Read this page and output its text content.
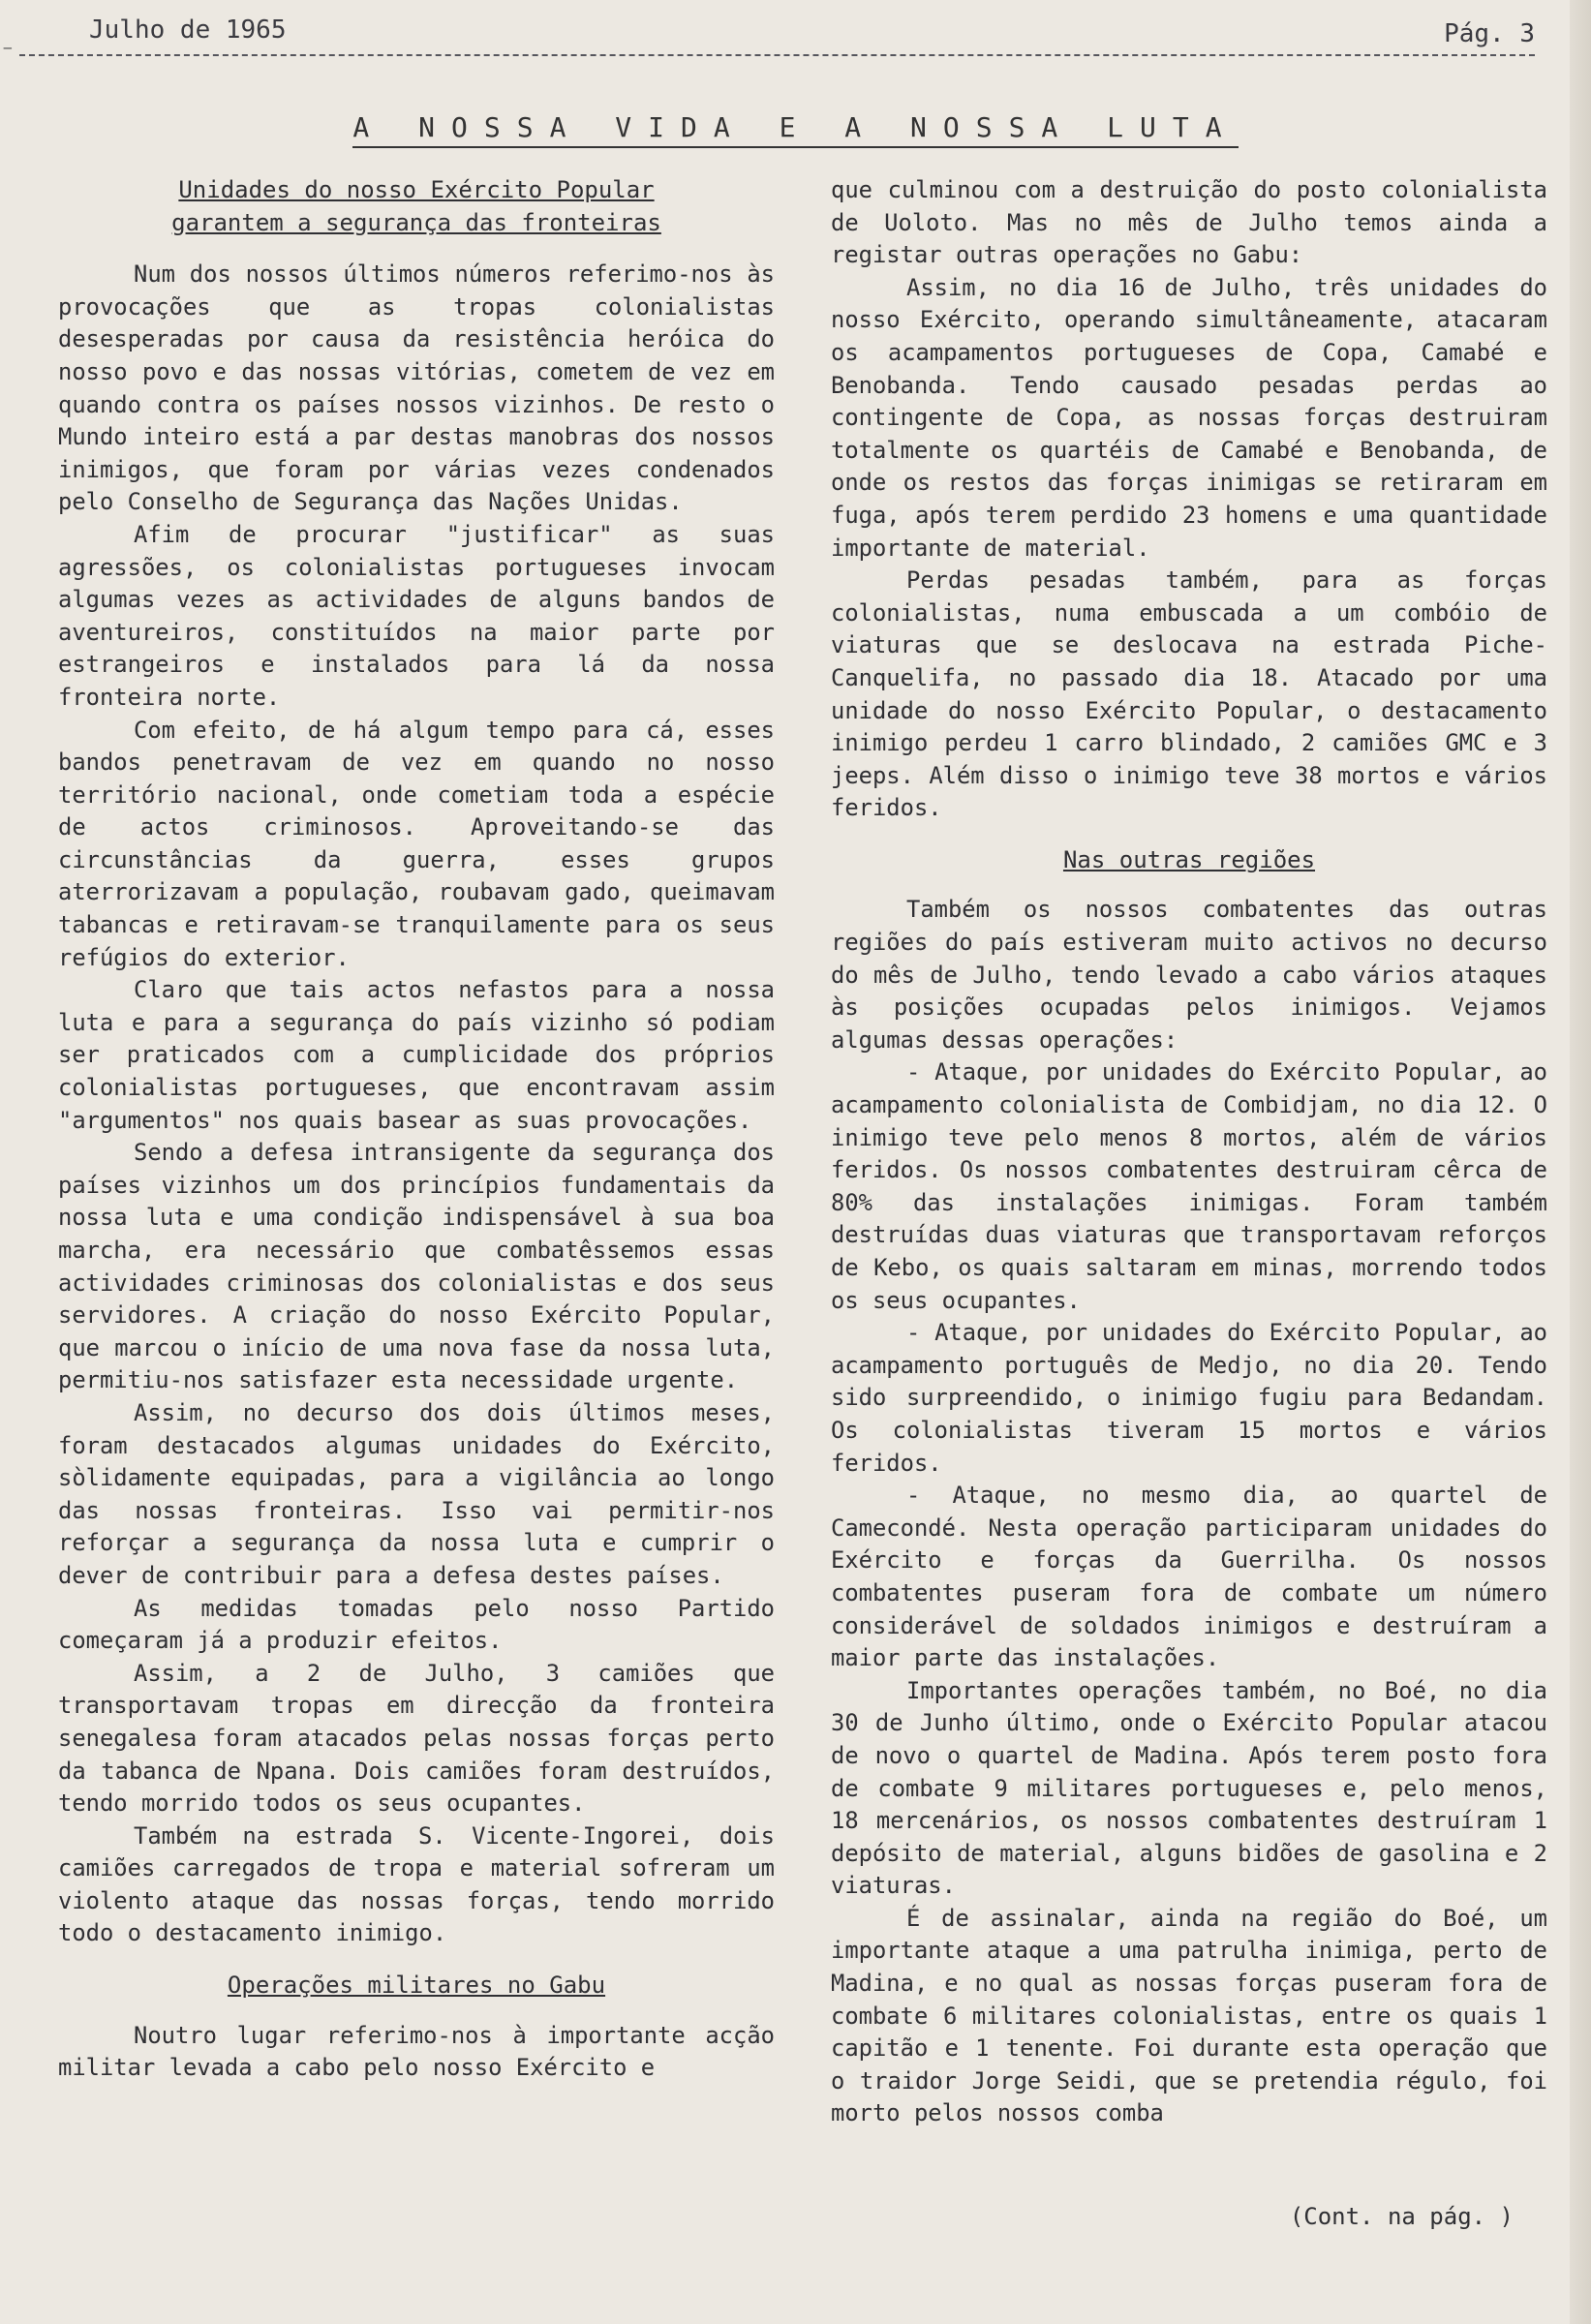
⁻
Julho de 1965	Pág. 3
A NOSSA VIDA E A NOSSA LUTA
Unidades do nosso Exército Popular
garantem a segurança das fronteiras

Num dos nossos últimos números referimo-nos às provocações que as tropas colonialistas desesperadas por causa da resistência heróica do nosso povo e das nossas vitórias, cometem de vez em quando contra os países nossos vizinhos. De resto o Mundo inteiro está a par destas manobras dos nossos inimigos, que foram por várias vezes condenados pelo Conselho de Segurança das Nações Unidas.

Afim de procurar "justificar" as suas agressões, os colonialistas portugueses invocam algumas vezes as actividades de alguns bandos de aventureiros, constituídos na maior parte por estrangeiros e instalados para lá da nossa fronteira norte.

Com efeito, de há algum tempo para cá, esses bandos penetravam de vez em quando no nosso território nacional, onde cometiam toda a espécie de actos criminosos. Aproveitando-se das circunstâncias da guerra, esses grupos aterrorizavam a população, roubavam gado, queimavam tabancas e retiravam-se tranquilamente para os seus refúgios do exterior.

Claro que tais actos nefastos para a nossa luta e para a segurança do país vizinho só podiam ser praticados com a cumplicidade dos próprios colonialistas portugueses, que encontravam assim "argumentos" nos quais basear as suas provocações.

Sendo a defesa intransigente da segurança dos países vizinhos um dos princípios fundamentais da nossa luta e uma condição indispensável à sua boa marcha, era necessário que combatêssemos essas actividades criminosas dos colonialistas e dos seus servidores. A criação do nosso Exército Popular, que marcou o início de uma nova fase da nossa luta, permitiu-nos satisfazer esta necessidade urgente.

Assim, no decurso dos dois últimos meses, foram destacados algumas unidades do Exército, sòlidamente equipadas, para a vigilância ao longo das nossas fronteiras. Isso vai permitir-nos reforçar a segurança da nossa luta e cumprir o dever de contribuir para a defesa destes países.

As medidas tomadas pelo nosso Partido começaram já a produzir efeitos.

Assim, a 2 de Julho, 3 camiões que transportavam tropas em direcção da fronteira senegalesa foram atacados pelas nossas forças perto da tabanca de Npana. Dois camiões foram destruídos, tendo morrido todos os seus ocupantes.

Também na estrada S. Vicente-Ingorei, dois camiões carregados de tropa e material sofreram um violento ataque das nossas forças, tendo morrido todo o destacamento inimigo.

Operações militares no Gabu

Noutro lugar referimo-nos à importante acção militar levada a cabo pelo nosso Exército e

que culminou com a destruição do posto colonialista de Uoloto. Mas no mês de Julho temos ainda a registar outras operações no Gabu:

Assim, no dia 16 de Julho, três unidades do nosso Exército, operando simultâneamente, atacaram os acampamentos portugueses de Copa, Camabé e Benobanda. Tendo causado pesadas perdas ao contingente de Copa, as nossas forças destruiram totalmente os quartéis de Camabé e Benobanda, de onde os restos das forças inimigas se retiraram em fuga, após terem perdido 23 homens e uma quantidade importante de material.

Perdas pesadas também, para as forças colonialistas, numa embuscada a um combóio de viaturas que se deslocava na estrada Piche-Canquelifa, no passado dia 18. Atacado por uma unidade do nosso Exército Popular, o destacamento inimigo perdeu 1 carro blindado, 2 camiões GMC e 3 jeeps. Além disso o inimigo teve 38 mortos e vários feridos.

Nas outras regiões

Também os nossos combatentes das outras regiões do país estiveram muito activos no decurso do mês de Julho, tendo levado a cabo vários ataques às posições ocupadas pelos inimigos. Vejamos algumas dessas operações:

- Ataque, por unidades do Exército Popular, ao acampamento colonialista de Combidjam, no dia 12. O inimigo teve pelo menos 8 mortos, além de vários feridos. Os nossos combatentes destruiram cêrca de 80% das instalações inimigas. Foram também destruídas duas viaturas que transportavam reforços de Kebo, os quais saltaram em minas, morrendo todos os seus ocupantes.

- Ataque, por unidades do Exército Popular, ao acampamento português de Medjo, no dia 20. Tendo sido surpreendido, o inimigo fugiu para Bedandam. Os colonialistas tiveram 15 mortos e vários feridos.

- Ataque, no mesmo dia, ao quartel de Camecondé. Nesta operação participaram unidades do Exército e forças da Guerrilha. Os nossos combatentes puseram fora de combate um número considerável de soldados inimigos e destruíram a maior parte das instalações.

Importantes operações também, no Boé, no dia 30 de Junho último, onde o Exército Popular atacou de novo o quartel de Madina. Após terem posto fora de combate 9 militares portugueses e, pelo menos, 18 mercenários, os nossos combatentes destruíram 1 depósito de material, alguns bidões de gasolina e 2 viaturas.

É de assinalar, ainda na região do Boé, um importante ataque a uma patrulha inimiga, perto de Madina, e no qual as nossas forças puseram fora de combate 6 militares colonialistas, entre os quais 1 capitão e 1 tenente. Foi durante esta operação que o traidor Jorge Seidi, que se pretendia régulo, foi morto pelos nossos comba

(Cont. na pág. )
